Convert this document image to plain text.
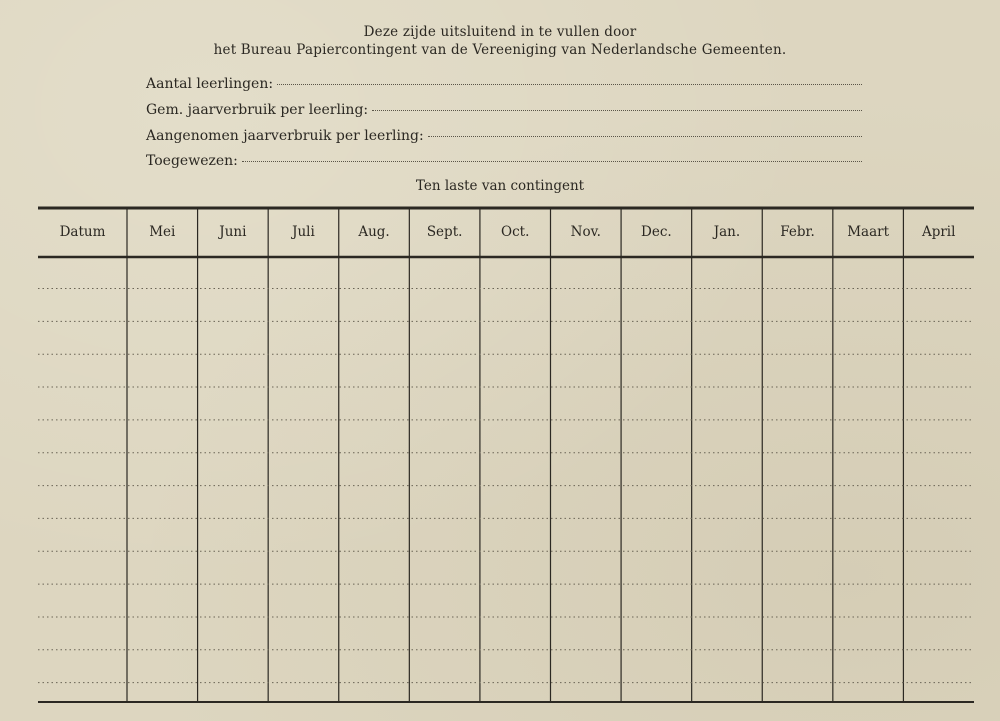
Deze zijde uitsluitend in te vullen door
het Bureau Papiercontingent van de Vereeniging van Nederlandsche Gemeenten.
Aantal leerlingen:
Gem. jaarverbruik per leerling:
Aangenomen jaarverbruik per leerling:
Toegewezen:
Ten laste van contingent
Datum	Mei	Juni	Juli	Aug.	Sept.	Oct.	Nov.	Dec.	Jan.	Febr.	Maart	April
